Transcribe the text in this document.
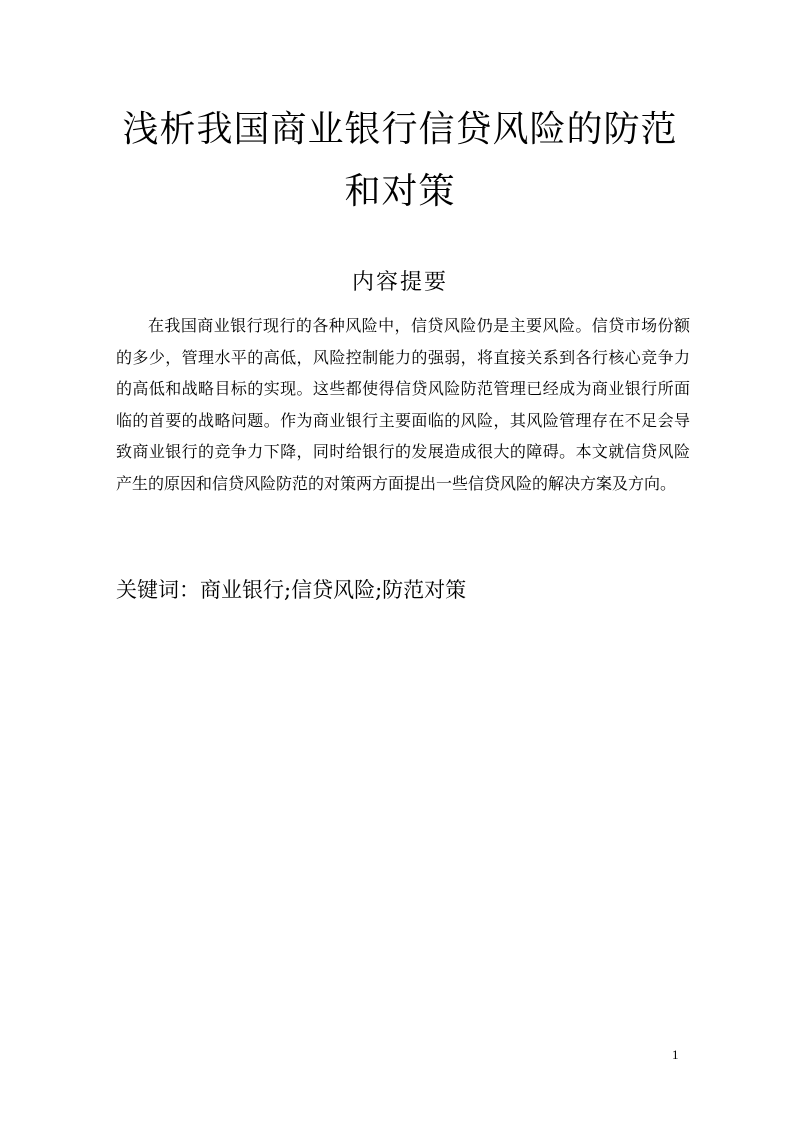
浅析我国商业银行信贷风险的防范
和对策
内容提要

在我国商业银行现行的各种风险中，信贷风险仍是主要风险。信贷市场份额的多少，管理水平的高低，风险控制能力的强弱，将直接关系到各行核心竞争力的高低和战略目标的实现。这些都使得信贷风险防范管理已经成为商业银行所面临的首要的战略问题。作为商业银行主要面临的风险，其风险管理存在不足会导致商业银行的竞争力下降，同时给银行的发展造成很大的障碍。本文就信贷风险产生的原因和信贷风险防范的对策两方面提出一些信贷风险的解决方案及方向。

关键词：商业银行;信贷风险;防范对策

1
